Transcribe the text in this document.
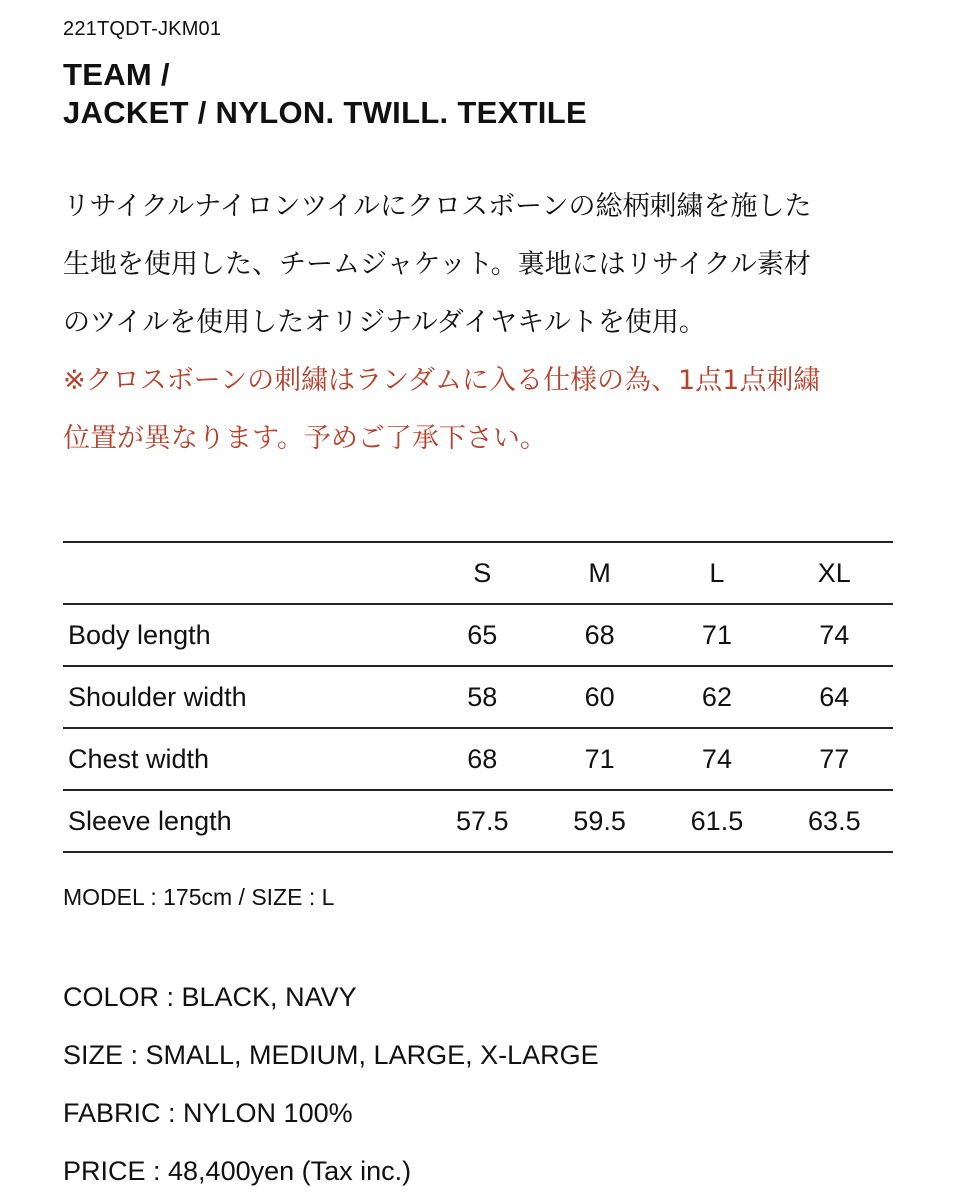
221TQDT-JKM01
TEAM /
JACKET / NYLON. TWILL. TEXTILE
リサイクルナイロンツイルにクロスボーンの総柄刺繍を施した
生地を使用した、チームジャケット。裏地にはリサイクル素材
のツイルを使用したオリジナルダイヤキルトを使用。
※クロスボーンの刺繍はランダムに入る仕様の為、1点1点刺繍
位置が異なります。予めご了承下さい。
	S	M	L	XL
Body length	65	68	71	74
Shoulder width	58	60	62	64
Chest width	68	71	74	77
Sleeve length	57.5	59.5	61.5	63.5
MODEL : 175cm / SIZE : L
COLOR : BLACK, NAVY
SIZE : SMALL, MEDIUM, LARGE, X-LARGE
FABRIC : NYLON 100%
PRICE : 48,400yen (Tax inc.)
